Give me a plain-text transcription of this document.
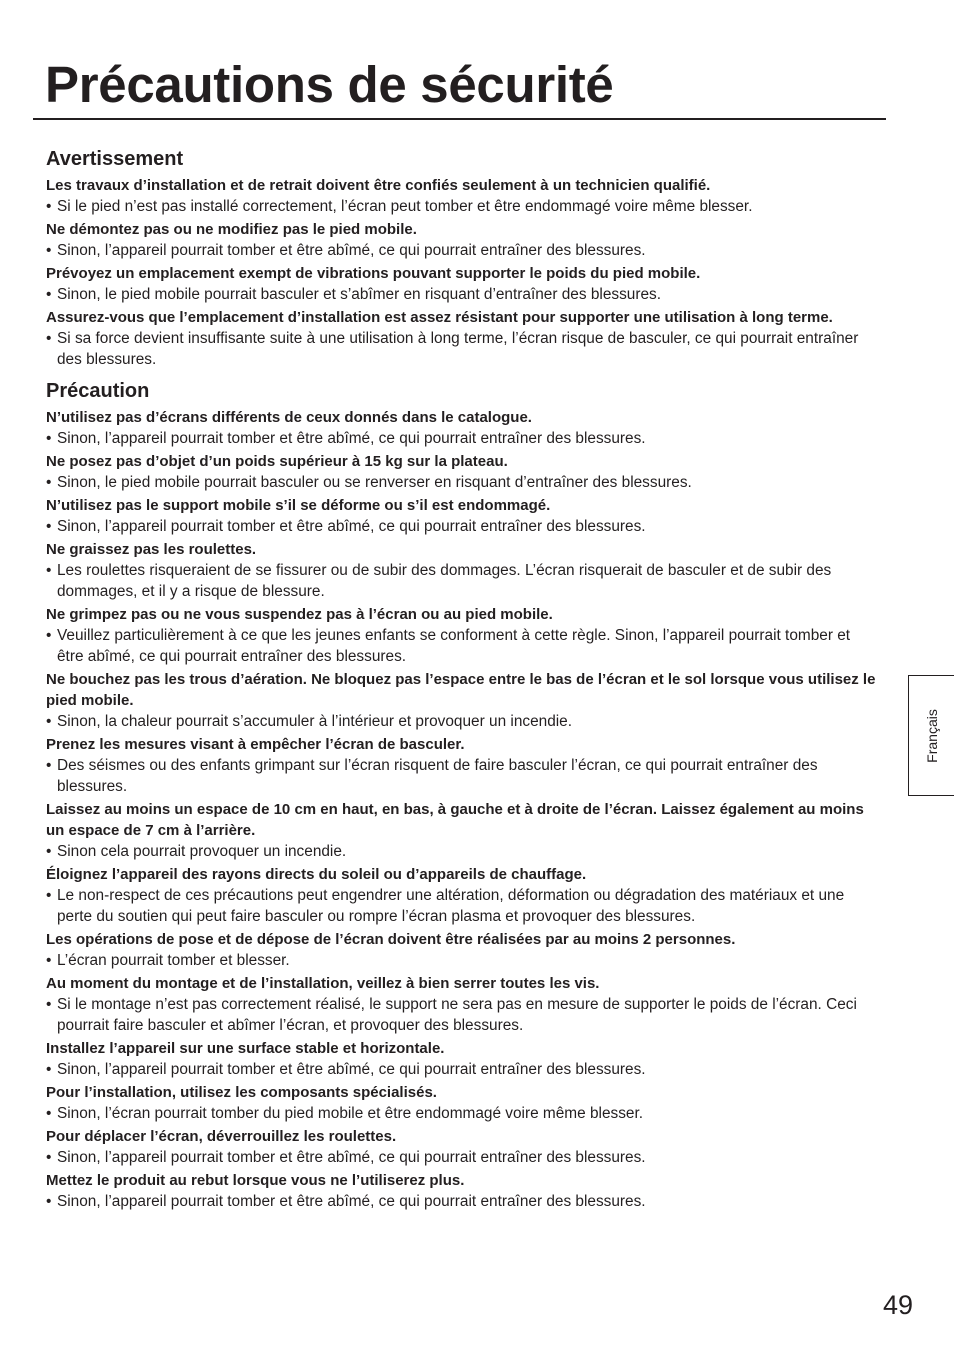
Précautions de sécurité
Avertissement

Les travaux d’installation et de retrait doivent être confiés seulement à un technicien qualifié.

• Si le pied n’est pas installé correctement, l’écran peut tomber et être endommagé voire même blesser.

Ne démontez pas ou ne modifiez pas le pied mobile.

• Sinon, l’appareil pourrait tomber et être abîmé, ce qui pourrait entraîner des blessures.

Prévoyez un emplacement exempt de vibrations pouvant supporter le poids du pied mobile.

• Sinon, le pied mobile pourrait basculer et s’abîmer en risquant d’entraîner des blessures.

Assurez-vous que l’emplacement d’installation est assez résistant pour supporter une utilisation à long terme.

• Si sa force devient insuffisante suite à une utilisation à long terme, l’écran risque de basculer, ce qui pourrait entraîner des blessures.

Précaution

N’utilisez pas d’écrans différents de ceux donnés dans le catalogue.

• Sinon, l’appareil pourrait tomber et être abîmé, ce qui pourrait entraîner des blessures.

Ne posez pas d’objet d’un poids supérieur à 15 kg sur la plateau.

• Sinon, le pied mobile pourrait basculer ou se renverser en risquant d’entraîner des blessures.

N’utilisez pas le support mobile s’il se déforme ou s’il est endommagé.

• Sinon, l’appareil pourrait tomber et être abîmé, ce qui pourrait entraîner des blessures.

Ne graissez pas les roulettes.

• Les roulettes risqueraient de se fissurer ou de subir des dommages. L’écran risquerait de basculer et de subir des dommages, et il y a risque de blessure.

Ne grimpez pas ou ne vous suspendez pas à l’écran ou au pied mobile.

• Veuillez particulièrement à ce que les jeunes enfants se conforment à cette règle. Sinon, l’appareil pourrait tomber et être abîmé, ce qui pourrait entraîner des blessures.

Ne bouchez pas les trous d’aération. Ne bloquez pas l’espace entre le bas de l’écran et le sol lorsque vous utilisez le pied mobile.

• Sinon, la chaleur pourrait s’accumuler à l’intérieur et provoquer un incendie.

Prenez les mesures visant à empêcher l’écran de basculer.

• Des séismes ou des enfants grimpant sur l’écran risquent de faire basculer l’écran, ce qui pourrait entraîner des blessures.

Laissez au moins un espace de 10 cm en haut, en bas, à gauche et à droite de l’écran. Laissez également au moins un espace de 7 cm à l’arrière.

• Sinon cela pourrait provoquer un incendie.

Éloignez l’appareil des rayons directs du soleil ou d’appareils de chauffage.

• Le non-respect de ces précautions peut engendrer une altération, déformation ou dégradation des matériaux et une perte du soutien qui peut faire basculer ou rompre l’écran plasma et provoquer des blessures.

Les opérations de pose et de dépose de l’écran doivent être réalisées par au moins 2 personnes.

• L’écran pourrait tomber et blesser.

Au moment du montage et de l’installation, veillez à bien serrer toutes les vis.

• Si le montage n’est pas correctement réalisé, le support ne sera pas en mesure de supporter le poids de l’écran. Ceci pourrait faire basculer et abîmer l’écran, et provoquer des blessures.

Installez l’appareil sur une surface stable et horizontale.

• Sinon, l’appareil pourrait tomber et être abîmé, ce qui pourrait entraîner des blessures.

Pour l’installation, utilisez les composants spécialisés.

• Sinon, l’écran pourrait tomber du pied mobile et être endommagé voire même blesser.

Pour déplacer l’écran, déverrouillez les roulettes.

• Sinon, l’appareil pourrait tomber et être abîmé, ce qui pourrait entraîner des blessures.

Mettez le produit au rebut lorsque vous ne l’utiliserez plus.

• Sinon, l’appareil pourrait tomber et être abîmé, ce qui pourrait entraîner des blessures.

Français
49
